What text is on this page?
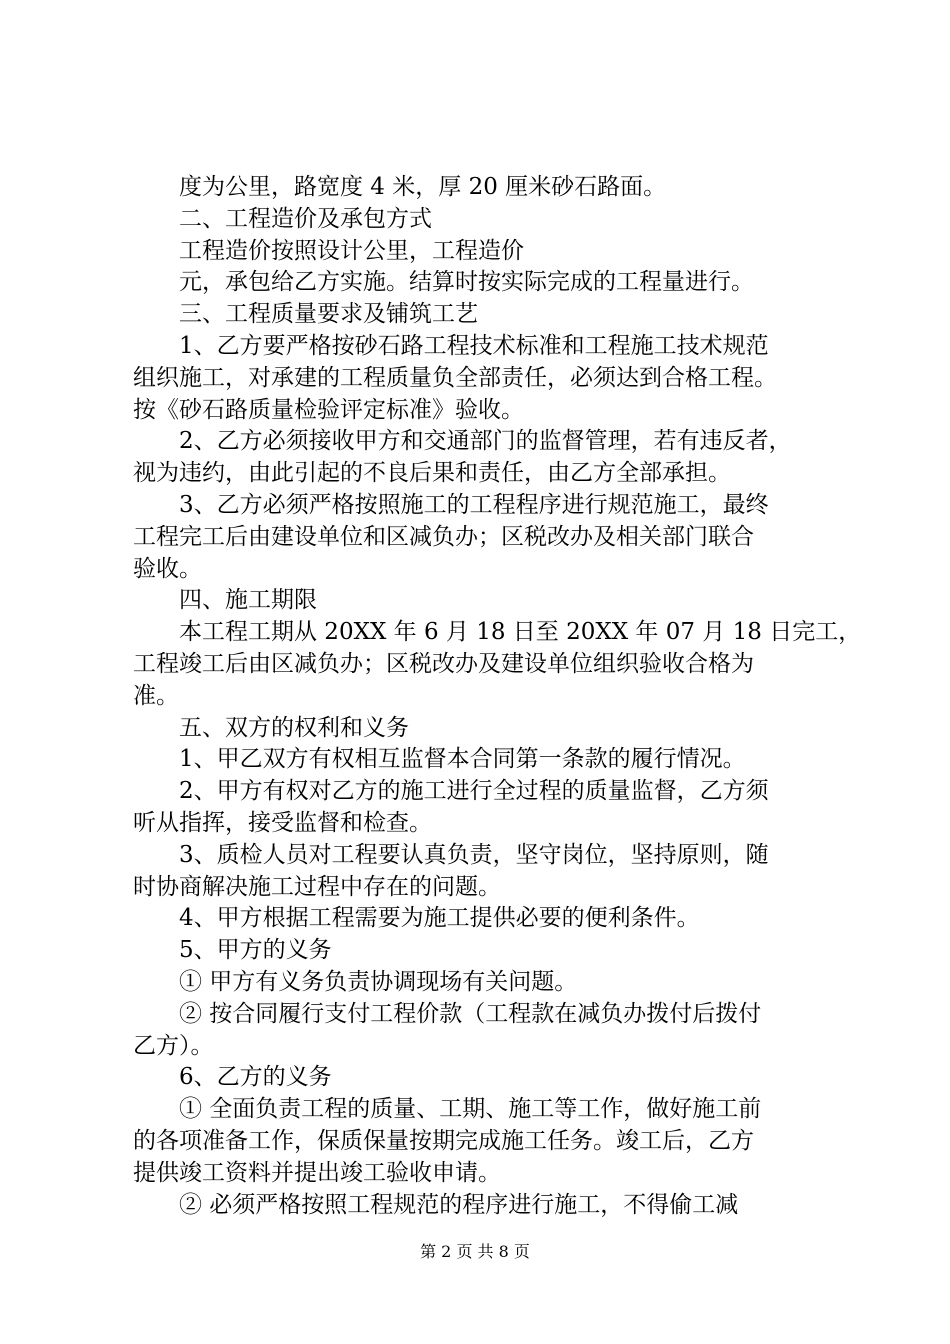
度为公里，路宽度 4 米，厚 20 厘米砂石路面。
二、工程造价及承包方式
工程造价按照设计公里，工程造价
元，承包给乙方实施。结算时按实际完成的工程量进行。
三、工程质量要求及铺筑工艺
1、乙方要严格按砂石路工程技术标准和工程施工技术规范
组织施工，对承建的工程质量负全部责任，必须达到合格工程。
按《砂石路质量检验评定标准》验收。
2、乙方必须接收甲方和交通部门的监督管理，若有违反者，
视为违约，由此引起的不良后果和责任，由乙方全部承担。
3、乙方必须严格按照施工的工程程序进行规范施工，最终
工程完工后由建设单位和区减负办；区税改办及相关部门联合
验收。
四、施工期限
本工程工期从 20XX 年 6 月 18 日至 20XX 年 07 月 18 日完工，
工程竣工后由区减负办；区税改办及建设单位组织验收合格为
准。
五、双方的权利和义务
1、甲乙双方有权相互监督本合同第一条款的履行情况。
2、甲方有权对乙方的施工进行全过程的质量监督，乙方须
听从指挥，接受监督和检查。
3、质检人员对工程要认真负责，坚守岗位，坚持原则，随
时协商解决施工过程中存在的问题。
4、甲方根据工程需要为施工提供必要的便利条件。
5、甲方的义务
① 甲方有义务负责协调现场有关问题。
② 按合同履行支付工程价款（工程款在减负办拨付后拨付
乙方）。
6、乙方的义务
① 全面负责工程的质量、工期、施工等工作，做好施工前
的各项准备工作，保质保量按期完成施工任务。竣工后，乙方
提供竣工资料并提出竣工验收申请。
② 必须严格按照工程规范的程序进行施工，不得偷工减
第 2 页 共 8 页
